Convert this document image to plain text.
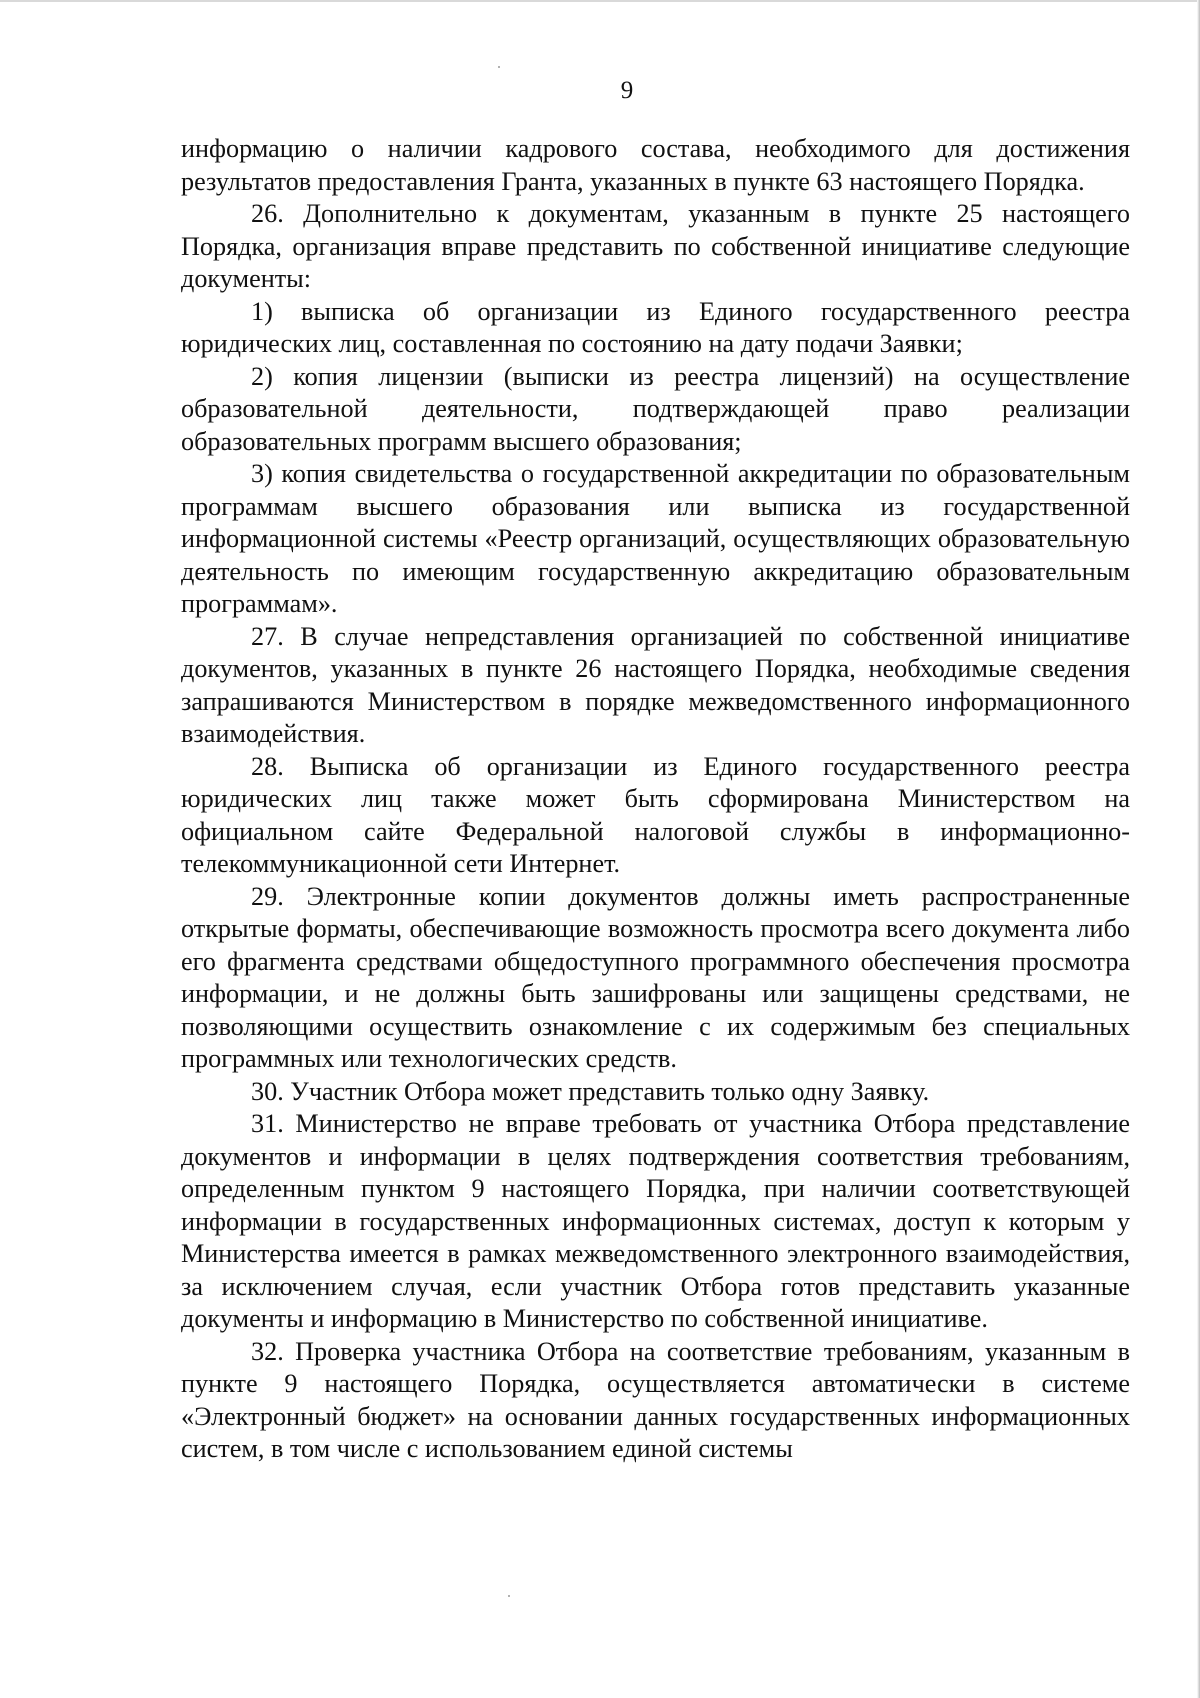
9

информацию о наличии кадрового состава, необходимого для достижения результатов предоставления Гранта, указанных в пункте 63 настоящего Порядка.

26. Дополнительно к документам, указанным в пункте 25 настоящего Порядка, организация вправе представить по собственной инициативе следующие документы:

1) выписка об организации из Единого государственного реестра юридических лиц, составленная по состоянию на дату подачи Заявки;

2) копия лицензии (выписки из реестра лицензий) на осуществление образовательной деятельности, подтверждающей право реализации образовательных программ высшего образования;

3) копия свидетельства о государственной аккредитации по образовательным программам высшего образования или выписка из государственной информационной системы «Реестр организаций, осуществляющих образовательную деятельность по имеющим государственную аккредитацию образовательным программам».

27. В случае непредставления организацией по собственной инициативе документов, указанных в пункте 26 настоящего Порядка, необходимые сведения запрашиваются Министерством в порядке межведомственного информационного взаимодействия.

28. Выписка об организации из Единого государственного реестра юридических лиц также может быть сформирована Министерством на официальном сайте Федеральной налоговой службы в информационно-телекоммуникационной сети Интернет.

29. Электронные копии документов должны иметь распространенные открытые форматы, обеспечивающие возможность просмотра всего документа либо его фрагмента средствами общедоступного программного обеспечения просмотра информации, и не должны быть зашифрованы или защищены средствами, не позволяющими осуществить ознакомление с их содержимым без специальных программных или технологических средств.

30. Участник Отбора может представить только одну Заявку.

31. Министерство не вправе требовать от участника Отбора представление документов и информации в целях подтверждения соответствия требованиям, определенным пунктом 9 настоящего Порядка, при наличии соответствующей информации в государственных информационных системах, доступ к которым у Министерства имеется в рамках межведомственного электронного взаимодействия, за исключением случая, если участник Отбора готов представить указанные документы и информацию в Министерство по собственной инициативе.

32. Проверка участника Отбора на соответствие требованиям, указанным в пункте 9 настоящего Порядка, осуществляется автоматически в системе «Электронный бюджет» на основании данных государственных информационных систем, в том числе с использованием единой системы
